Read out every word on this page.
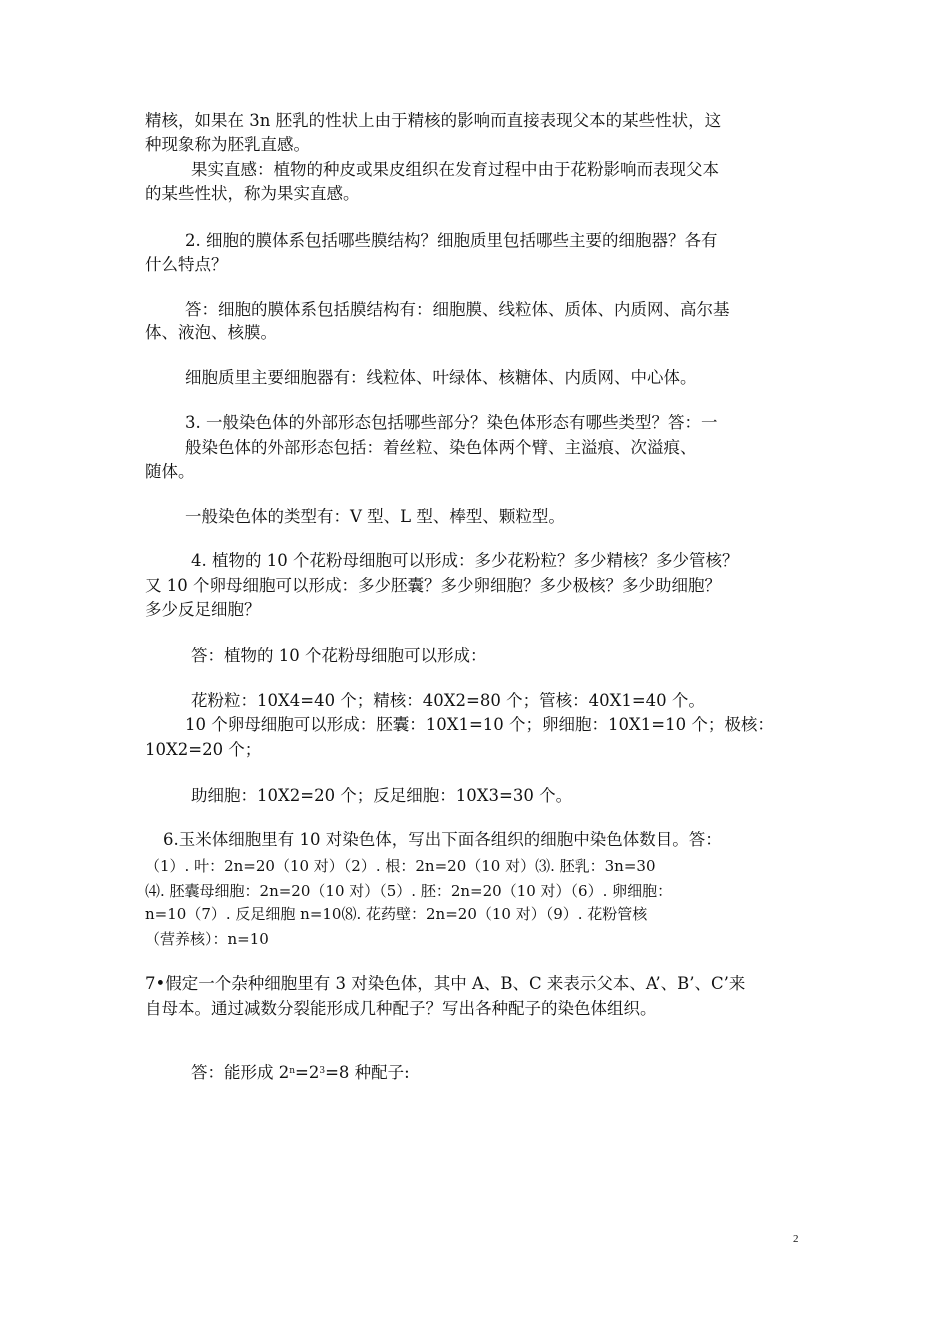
精核，如果在 3n 胚乳的性状上由于精核的影响而直接表现父本的某些性状，这
种现象称为胚乳直感。
果实直感：植物的种皮或果皮组织在发育过程中由于花粉影响而表现父本
的某些性状，称为果实直感。
2. 细胞的膜体系包括哪些膜结构？细胞质里包括哪些主要的细胞器？各有
什么特点？
答：细胞的膜体系包括膜结构有：细胞膜、线粒体、质体、内质网、高尔基
体、液泡、核膜。
细胞质里主要细胞器有：线粒体、叶绿体、核糖体、内质网、中心体。
3. 一般染色体的外部形态包括哪些部分？染色体形态有哪些类型？答：一
般染色体的外部形态包括：着丝粒、染色体两个臂、主溢痕、次溢痕、
随体。
一般染色体的类型有：V 型、L 型、棒型、颗粒型。
4. 植物的 10 个花粉母细胞可以形成：多少花粉粒？多少精核？多少管核？
又 10 个卵母细胞可以形成：多少胚囊？多少卵细胞？多少极核？多少助细胞？
多少反足细胞？
答：植物的 10 个花粉母细胞可以形成：
花粉粒：10X4=40 个；精核：40X2=80 个；管核：40X1=40 个。
10 个卵母细胞可以形成：胚囊：10X1=10 个；卵细胞：10X1=10 个；极核：
10X2=20 个；
助细胞：10X2=20 个；反足细胞：10X3=30 个。
6.玉米体细胞里有 10 对染色体，写出下面各组织的细胞中染色体数目。答：
（1）. 叶：2n=20（10 对）（2）. 根：2n=20（10 对）⑶. 胚乳：3n=30
⑷. 胚囊母细胞：2n=20（10 对）（5）. 胚：2n=20（10 对）（6）. 卵细胞：
n=10（7）. 反足细胞 n=10⑻. 花药壁：2n=20（10 对）（9）. 花粉管核
（营养核）：n=10
7•假定一个杂种细胞里有 3 对染色体，其中 A、B、C 来表示父本、A’、B’、C’来
自母本。通过减数分裂能形成几种配子？写出各种配子的染色体组织。
答：能形成 $2^n=2^3=8$ 种配子:
2
